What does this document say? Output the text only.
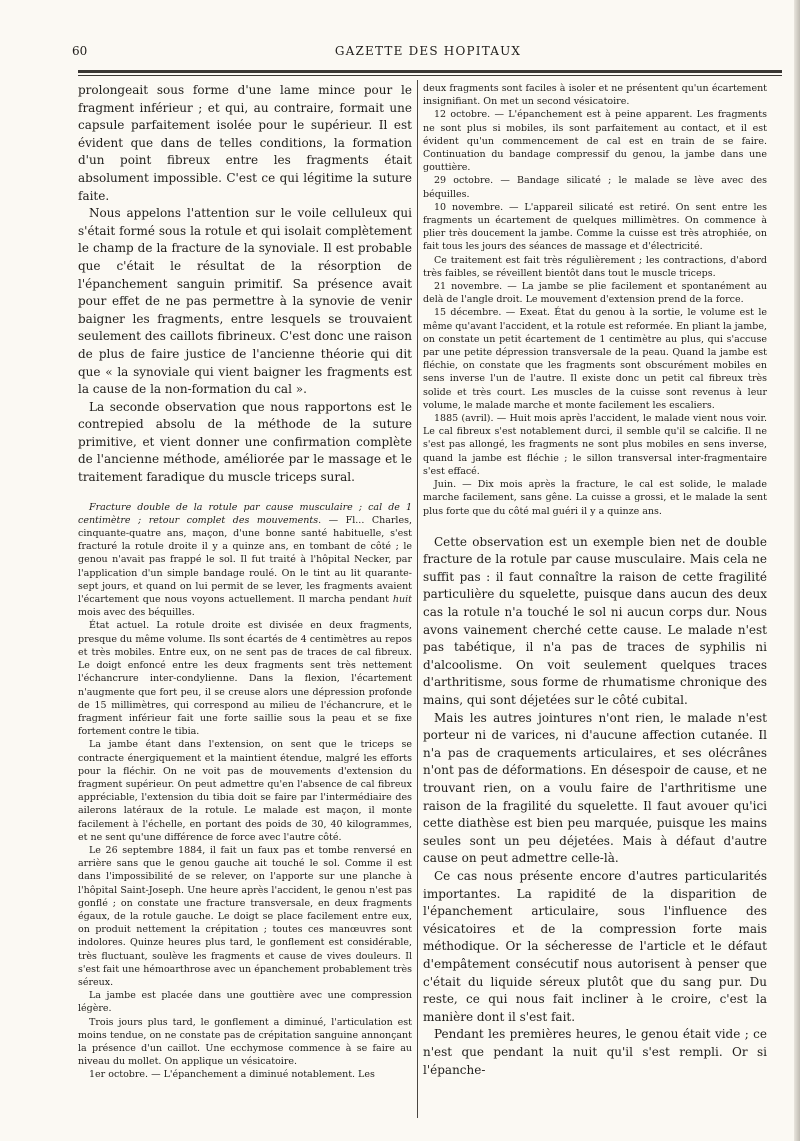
60	GAZETTE DES HOPITAUX

prolongeait sous forme d'une lame mince pour le fragment inférieur ; et qui, au contraire, formait une capsule parfaitement isolée pour le supérieur. Il est évident que dans de telles conditions, la formation d'un point fibreux entre les fragments était absolument impossible. C'est ce qui légitime la suture faite.

Nous appelons l'attention sur le voile celluleux qui s'était formé sous la rotule et qui isolait complètement le champ de la fracture de la synoviale. Il est probable que c'était le résultat de la résorption de l'épanchement sanguin primitif. Sa présence avait pour effet de ne pas permettre à la synovie de venir baigner les fragments, entre lesquels se trouvaient seulement des caillots fibrineux. C'est donc une raison de plus de faire justice de l'ancienne théorie qui dit que « la synoviale qui vient baigner les fragments est la cause de la non-formation du cal ».

La seconde observation que nous rapportons est le contrepied absolu de la méthode de la suture primitive, et vient donner une confirmation complète de l'ancienne méthode, améliorée par le massage et le traitement faradique du muscle triceps sural.

Fracture double de la rotule par cause musculaire ; cal de 1 centimètre ; retour complet des mouvements. — Fl... Charles, cinquante-quatre ans, maçon, d'une bonne santé habituelle, s'est fracturé la rotule droite il y a quinze ans, en tombant de côté ; le genou n'avait pas frappé le sol. Il fut traité à l'hôpital Necker, par l'application d'un simple bandage roulé. On le tint au lit quarante-sept jours, et quand on lui permit de se lever, les fragments avaient l'écartement que nous voyons actuellement. Il marcha pendant huit mois avec des béquilles.

État actuel. La rotule droite est divisée en deux fragments, presque du même volume. Ils sont écartés de 4 centimètres au repos et très mobiles. Entre eux, on ne sent pas de traces de cal fibreux. Le doigt enfoncé entre les deux fragments sent très nettement l'échancrure inter-condylienne. Dans la flexion, l'écartement n'augmente que fort peu, il se creuse alors une dépression profonde de 15 millimètres, qui correspond au milieu de l'échancrure, et le fragment inférieur fait une forte saillie sous la peau et se fixe fortement contre le tibia.

La jambe étant dans l'extension, on sent que le triceps se contracte énergiquement et la maintient étendue, malgré les efforts pour la fléchir. On ne voit pas de mouvements d'extension du fragment supérieur. On peut admettre qu'en l'absence de cal fibreux appréciable, l'extension du tibia doit se faire par l'intermédiaire des ailerons latéraux de la rotule. Le malade est maçon, il monte facilement à l'échelle, en portant des poids de 30, 40 kilogrammes, et ne sent qu'une différence de force avec l'autre côté.

Le 26 septembre 1884, il fait un faux pas et tombe renversé en arrière sans que le genou gauche ait touché le sol. Comme il est dans l'impossibilité de se relever, on l'apporte sur une planche à l'hôpital Saint-Joseph. Une heure après l'accident, le genou n'est pas gonflé ; on constate une fracture transversale, en deux fragments égaux, de la rotule gauche. Le doigt se place facilement entre eux, on produit nettement la crépitation ; toutes ces manœuvres sont indolores. Quinze heures plus tard, le gonflement est considérable, très fluctuant, soulève les fragments et cause de vives douleurs. Il s'est fait une hémoarthrose avec un épanchement probablement très séreux.

La jambe est placée dans une gouttière avec une compression légère.

Trois jours plus tard, le gonflement a diminué, l'articulation est moins tendue, on ne constate pas de crépitation sanguine annonçant la présence d'un caillot. Une ecchymose commence à se faire au niveau du mollet. On applique un vésicatoire.

1er octobre. — L'épanchement a diminué notablement. Les

deux fragments sont faciles à isoler et ne présentent qu'un écartement insignifiant. On met un second vésicatoire.

12 octobre. — L'épanchement est à peine apparent. Les fragments ne sont plus si mobiles, ils sont parfaitement au contact, et il est évident qu'un commencement de cal est en train de se faire. Continuation du bandage compressif du genou, la jambe dans une gouttière.

29 octobre. — Bandage silicaté ; le malade se lève avec des béquilles.

10 novembre. — L'appareil silicaté est retiré. On sent entre les fragments un écartement de quelques millimètres. On commence à plier très doucement la jambe. Comme la cuisse est très atrophiée, on fait tous les jours des séances de massage et d'électricité.

Ce traitement est fait très régulièrement ; les contractions, d'abord très faibles, se réveillent bientôt dans tout le muscle triceps.

21 novembre. — La jambe se plie facilement et spontanément au delà de l'angle droit. Le mouvement d'extension prend de la force.

15 décembre. — Exeat. État du genou à la sortie, le volume est le même qu'avant l'accident, et la rotule est reformée. En pliant la jambe, on constate un petit écartement de 1 centimètre au plus, qui s'accuse par une petite dépression transversale de la peau. Quand la jambe est fléchie, on constate que les fragments sont obscurément mobiles en sens inverse l'un de l'autre. Il existe donc un petit cal fibreux très solide et très court. Les muscles de la cuisse sont revenus à leur volume, le malade marche et monte facilement les escaliers.

1885 (avril). — Huit mois après l'accident, le malade vient nous voir. Le cal fibreux s'est notablement durci, il semble qu'il se calcifie. Il ne s'est pas allongé, les fragments ne sont plus mobiles en sens inverse, quand la jambe est fléchie ; le sillon transversal inter-fragmentaire s'est effacé.

Juin. — Dix mois après la fracture, le cal est solide, le malade marche facilement, sans gêne. La cuisse a grossi, et le malade la sent plus forte que du côté mal guéri il y a quinze ans.

Cette observation est un exemple bien net de double fracture de la rotule par cause musculaire. Mais cela ne suffit pas : il faut connaître la raison de cette fragilité particulière du squelette, puisque dans aucun des deux cas la rotule n'a touché le sol ni aucun corps dur. Nous avons vainement cherché cette cause. Le malade n'est pas tabétique, il n'a pas de traces de syphilis ni d'alcoolisme. On voit seulement quelques traces d'arthritisme, sous forme de rhumatisme chronique des mains, qui sont déjetées sur le côté cubital.

Mais les autres jointures n'ont rien, le malade n'est porteur ni de varices, ni d'aucune affection cutanée. Il n'a pas de craquements articulaires, et ses olécrânes n'ont pas de déformations. En désespoir de cause, et ne trouvant rien, on a voulu faire de l'arthritisme une raison de la fragilité du squelette. Il faut avouer qu'ici cette diathèse est bien peu marquée, puisque les mains seules sont un peu déjetées. Mais à défaut d'autre cause on peut admettre celle-là.

Ce cas nous présente encore d'autres particularités importantes. La rapidité de la disparition de l'épanchement articulaire, sous l'influence des vésicatoires et de la compression forte mais méthodique. Or la sécheresse de l'article et le défaut d'empâtement consécutif nous autorisent à penser que c'était du liquide séreux plutôt que du sang pur. Du reste, ce qui nous fait incliner à le croire, c'est la manière dont il s'est fait.

Pendant les premières heures, le genou était vide ; ce n'est que pendant la nuit qu'il s'est rempli. Or si l'épanche-
